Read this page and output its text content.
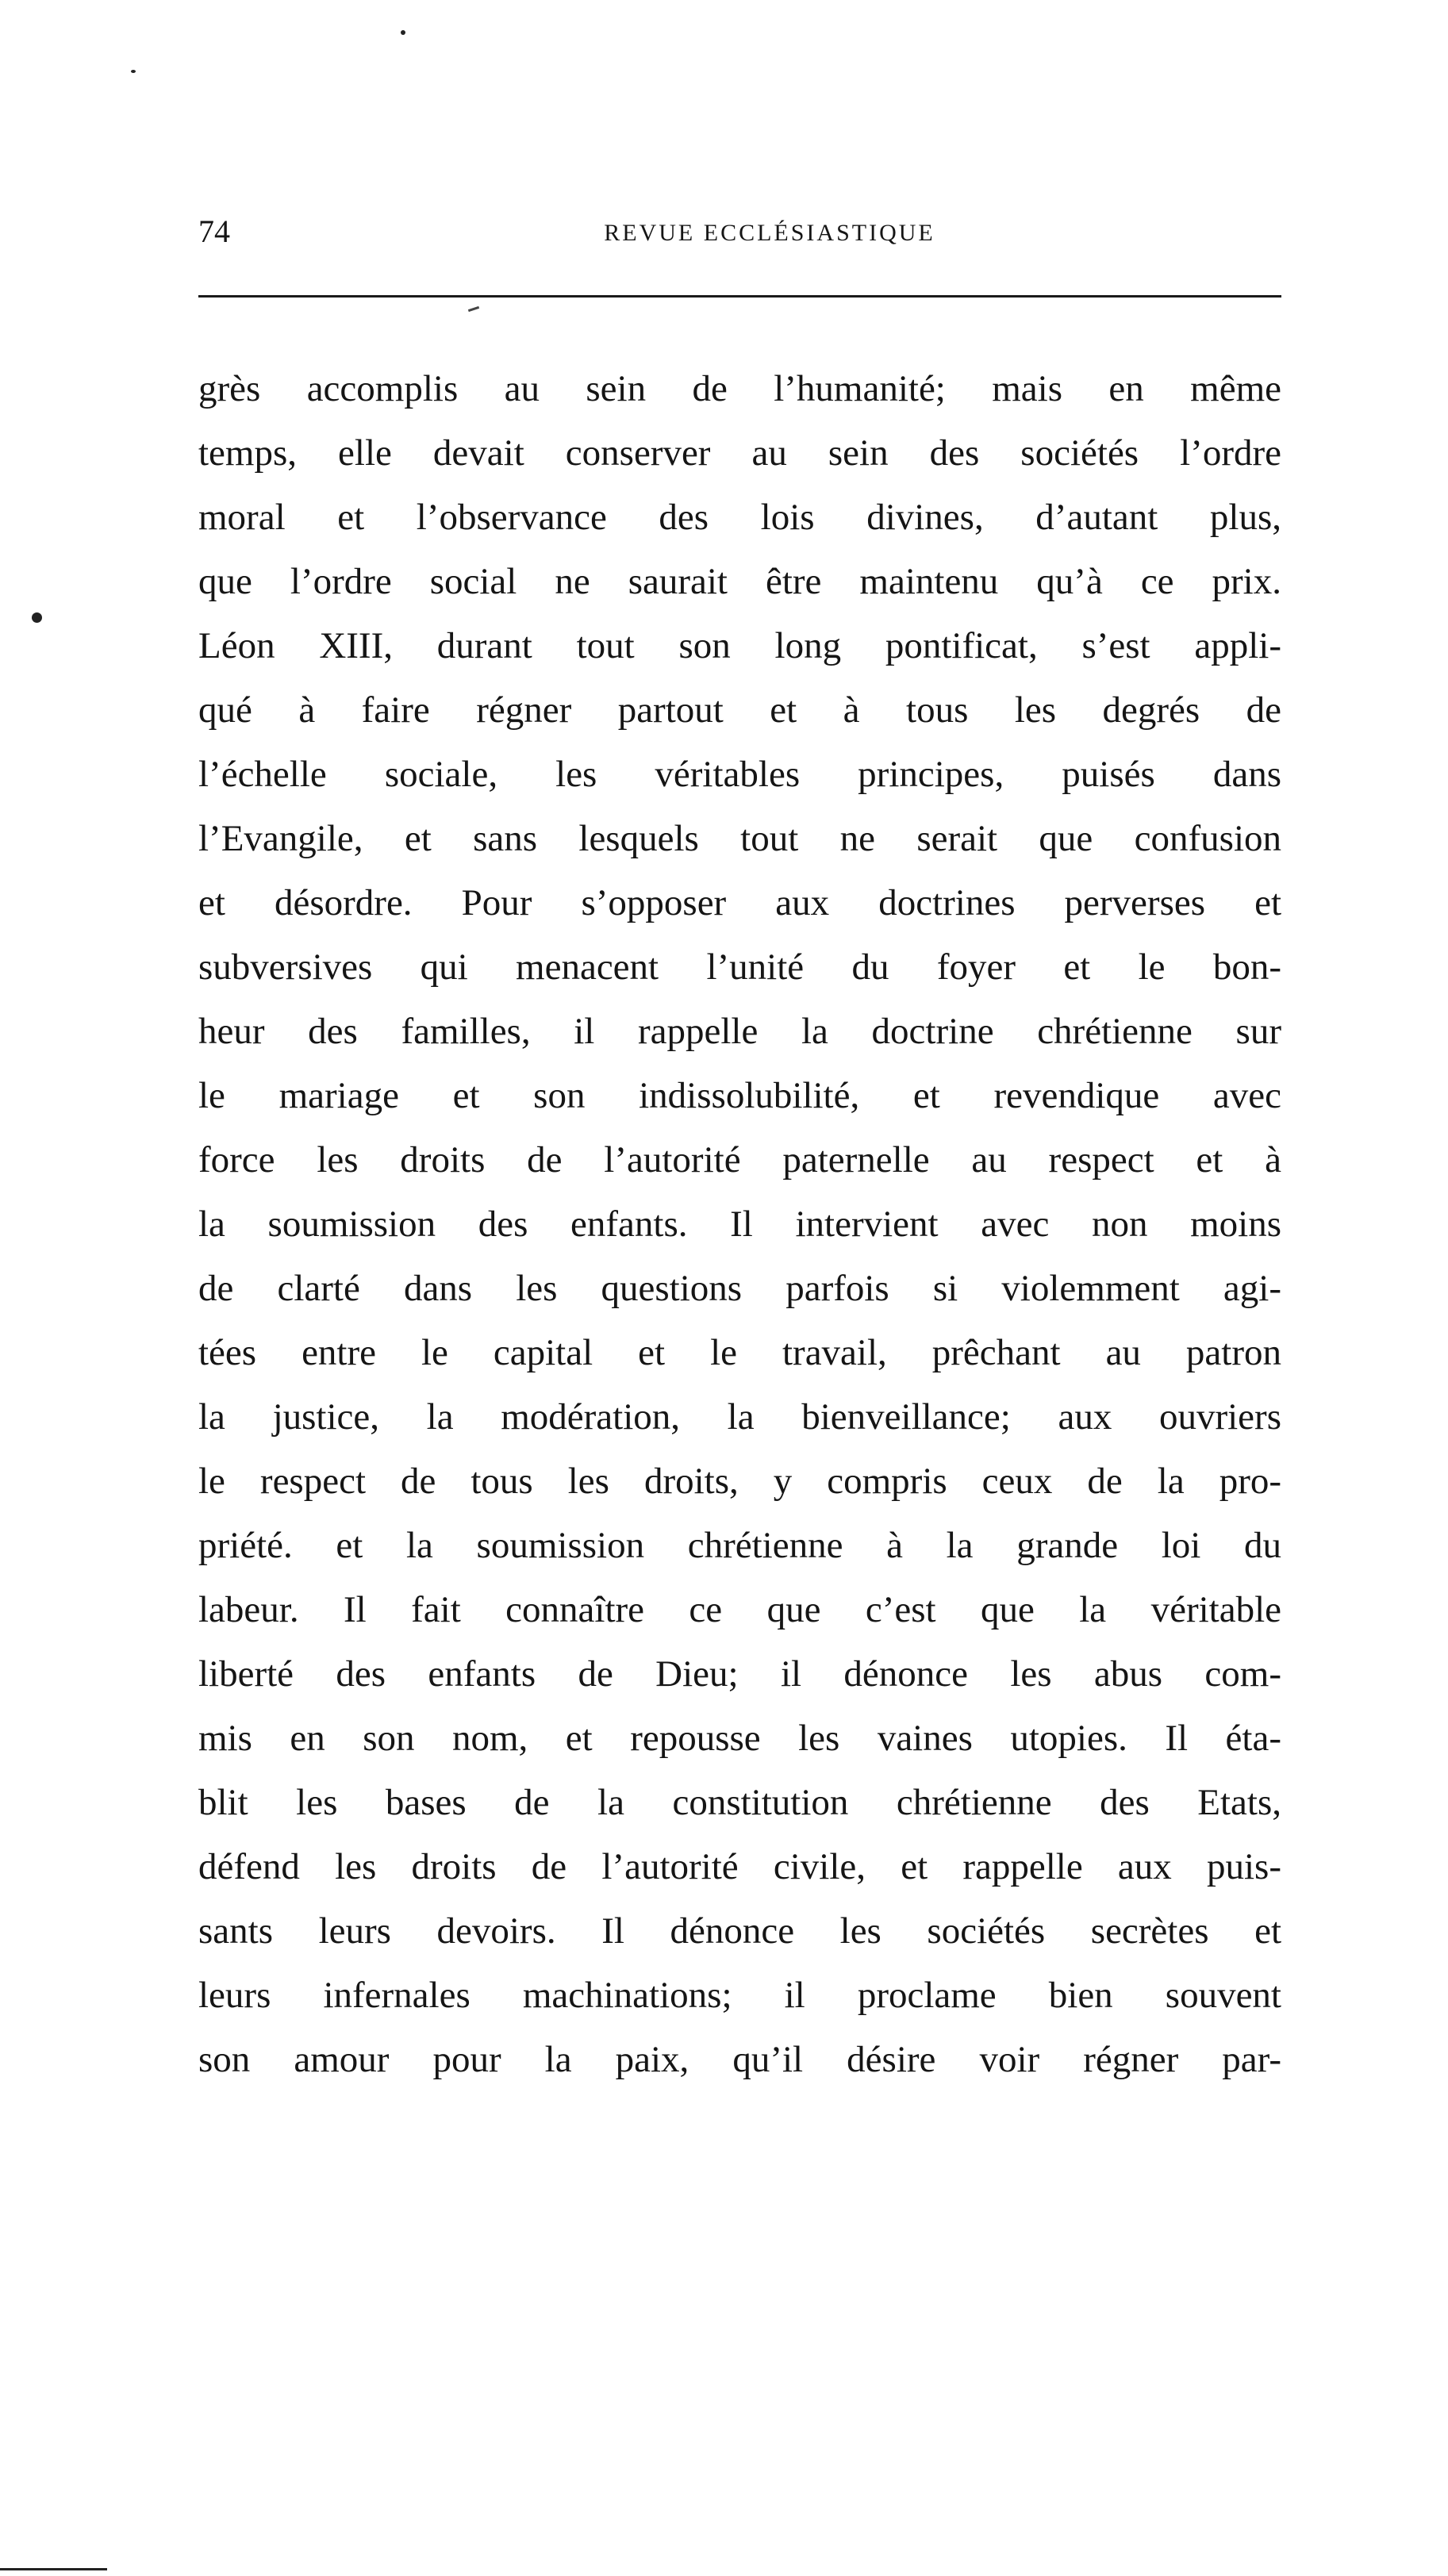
74	REVUE ECCLÉSIASTIQUE
grès accomplis au sein de l’humanité; mais en même
temps, elle devait conserver au sein des sociétés l’ordre
moral et l’observance des lois divines, d’autant plus,
que l’ordre social ne saurait être maintenu qu’à ce prix.
Léon XIII, durant tout son long pontificat, s’est appli-
qué à faire régner partout et à tous les degrés de
l’échelle sociale, les véritables principes, puisés dans
l’Evangile, et sans lesquels tout ne serait que confusion
et désordre. Pour s’opposer aux doctrines perverses et
subversives qui menacent l’unité du foyer et le bon-
heur des familles, il rappelle la doctrine chrétienne sur
le mariage et son indissolubilité, et revendique avec
force les droits de l’autorité paternelle au respect et à
la soumission des enfants. Il intervient avec non moins
de clarté dans les questions parfois si violemment agi-
tées entre le capital et le travail, prêchant au patron
la justice, la modération, la bienveillance; aux ouvriers
le respect de tous les droits, y compris ceux de la pro-
priété. et la soumission chrétienne à la grande loi du
labeur. Il fait connaître ce que c’est que la véritable
liberté des enfants de Dieu; il dénonce les abus com-
mis en son nom, et repousse les vaines utopies. Il éta-
blit les bases de la constitution chrétienne des Etats,
défend les droits de l’autorité civile, et rappelle aux puis-
sants leurs devoirs. Il dénonce les sociétés secrètes et
leurs infernales machinations; il proclame bien souvent
son amour pour la paix, qu’il désire voir régner par-
